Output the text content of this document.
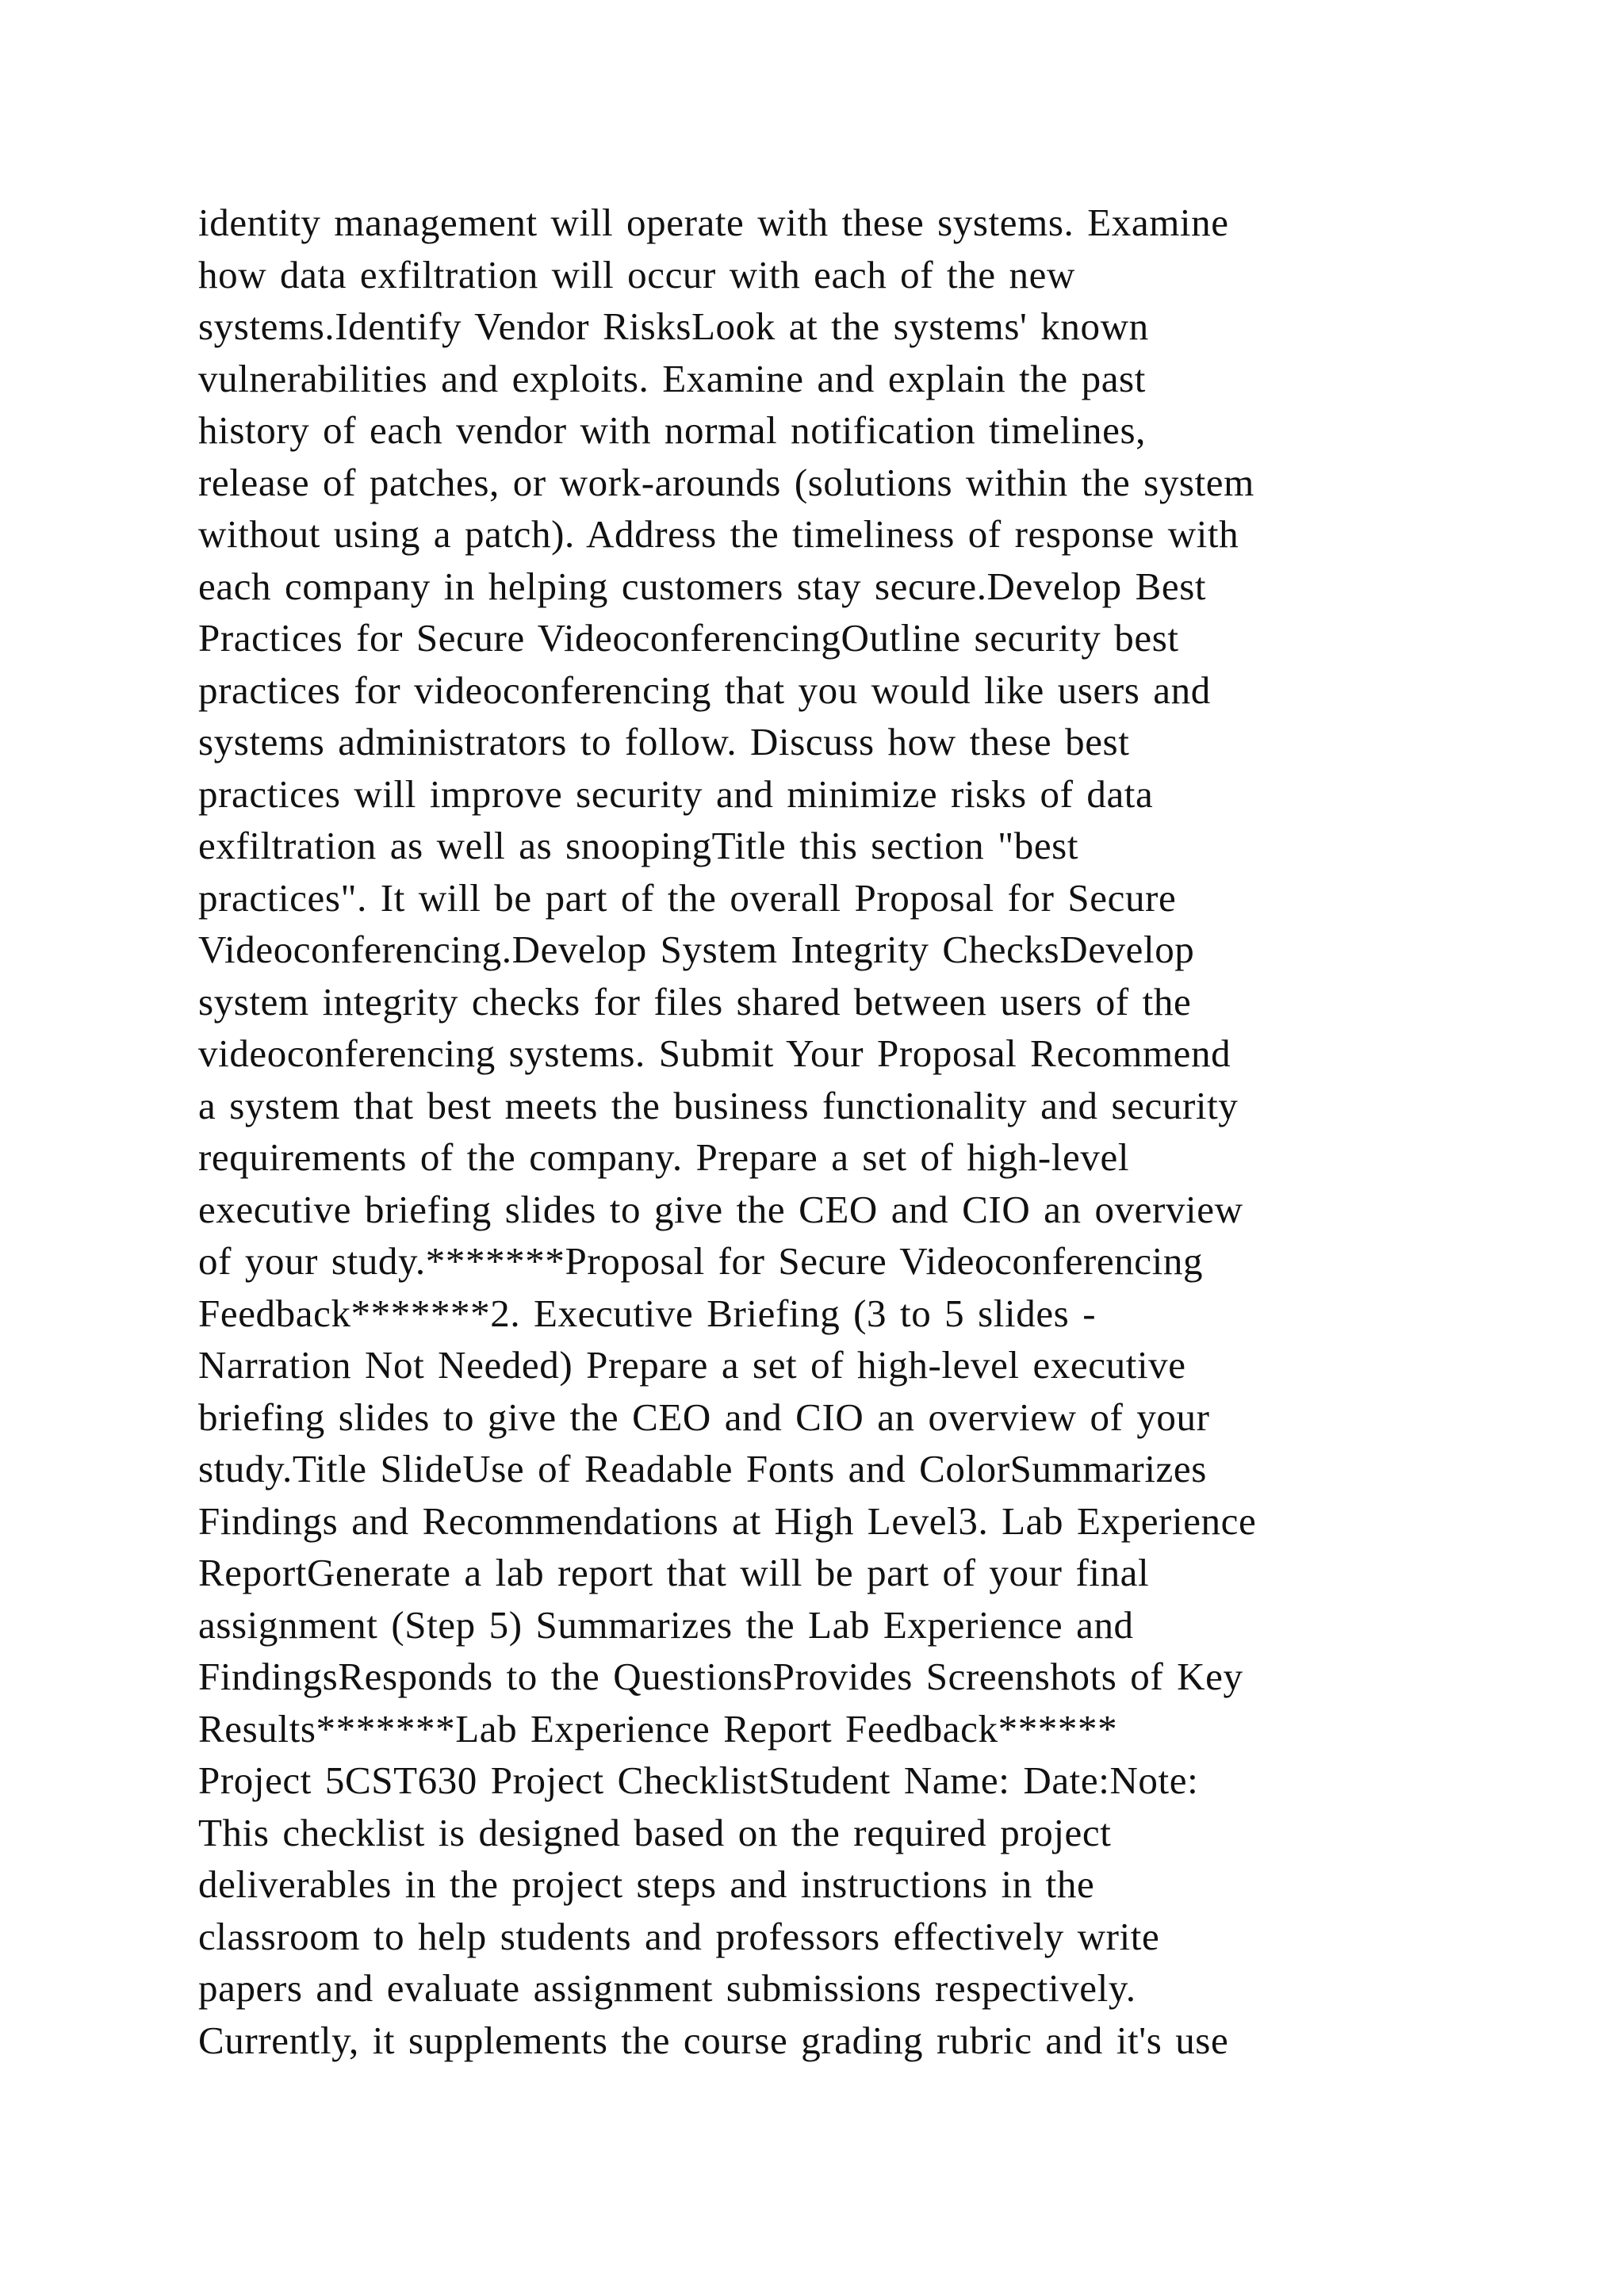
identity management will operate with these systems. Examine
how data exfiltration will occur with each of the new
systems.Identify Vendor RisksLook at the systems' known
vulnerabilities and exploits. Examine and explain the past
history of each vendor with normal notification timelines,
release of patches, or work-arounds (solutions within the system
without using a patch). Address the timeliness of response with
each company in helping customers stay secure.Develop Best
Practices for Secure VideoconferencingOutline security best
practices for videoconferencing that you would like users and
systems administrators to follow. Discuss how these best
practices will improve security and minimize risks of data
exfiltration as well as snoopingTitle this section "best
practices". It will be part of the overall Proposal for Secure
Videoconferencing.Develop System Integrity ChecksDevelop
system integrity checks for files shared between users of the
videoconferencing systems. Submit Your Proposal Recommend
a system that best meets the business functionality and security
requirements of the company. Prepare a set of high-level
executive briefing slides to give the CEO and CIO an overview
of your study.*******Proposal for Secure Videoconferencing
Feedback*******2. Executive Briefing (3 to 5 slides -
Narration Not Needed) Prepare a set of high-level executive
briefing slides to give the CEO and CIO an overview of your
study.Title SlideUse of Readable Fonts and ColorSummarizes
Findings and Recommendations at High Level3. Lab Experience
ReportGenerate a lab report that will be part of your final
assignment (Step 5) Summarizes the Lab Experience and
FindingsResponds to the QuestionsProvides Screenshots of Key
Results*******Lab Experience Report Feedback******
Project 5CST630 Project ChecklistStudent Name: Date:Note:
This checklist is designed based on the required project
deliverables in the project steps and instructions in the
classroom to help students and professors effectively write
papers and evaluate assignment submissions respectively.
Currently, it supplements the course grading rubric and it's use
